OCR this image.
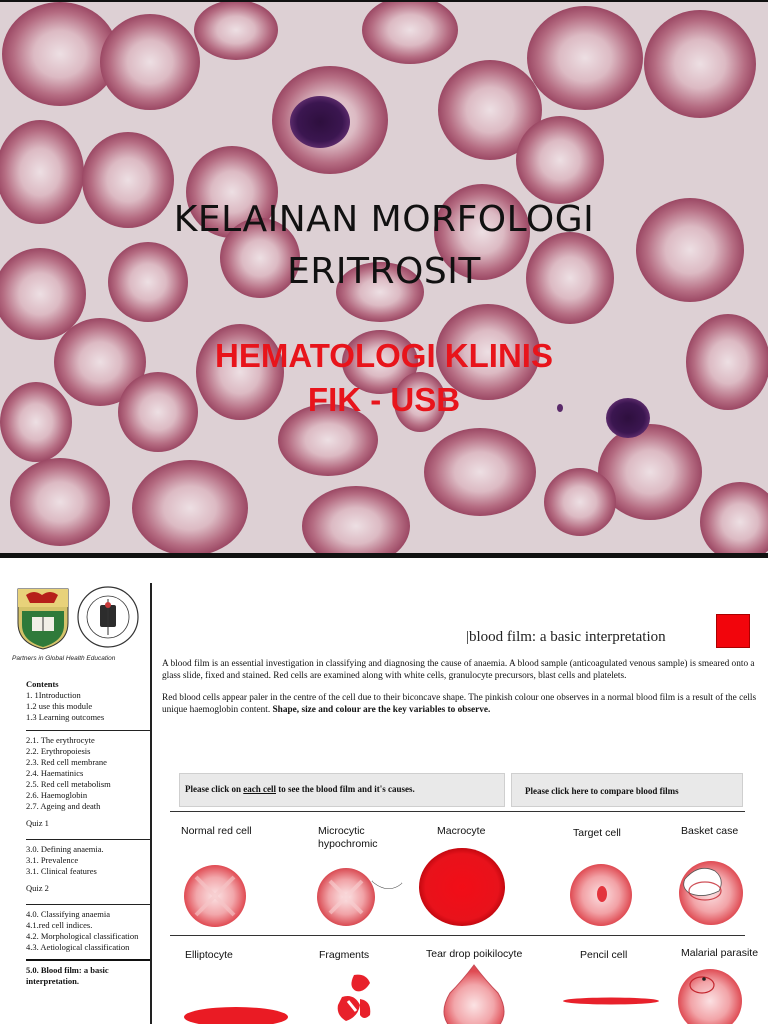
KELAINAN MORFOLOGI
ERITROSIT
HEMATOLOGI KLINIS
FIK - USB
Partners in Global Health Education
Contents
1. 1Introduction
1.2 use this module
1.3 Learning outcomes
2.1. The erythrocyte
2.2. Erythropoiesis
2.3. Red cell membrane
2.4. Haematinics
2.5. Red cell metabolism
2.6. Haemoglobin
2.7. Ageing and death
Quiz 1
3.0. Defining anaemia.
3.1. Prevalence
3.1. Clinical features
Quiz 2
4.0. Classifying anaemia
4.1.red cell indices.
4.2. Morphological classification
4.3. Aetiological classification
5.0. Blood film: a basic interpretation.
|blood film: a basic interpretation

A blood film is an essential investigation in classifying and diagnosing the cause of anaemia. A blood sample (anticoagulated venous sample) is smeared onto a glass slide, fixed and stained. Red cells are examined along with white cells, granulocyte precursors, blast cells and platelets.

Red blood cells appear paler in the centre of the cell due to their biconcave shape. The pinkish colour one observes in a normal blood film is a result of the cells unique haemoglobin content. Shape, size and colour are the key variables to observe.

Please click on each cell to see the blood film and it's causes.	Please click here to compare blood films
Normal red cell	Microcytic hypochromic
Macrocyte	Target cell	Basket case
Elliptocyte	Fragments	Tear drop poikilocyte	Pencil cell	Malarial parasite
